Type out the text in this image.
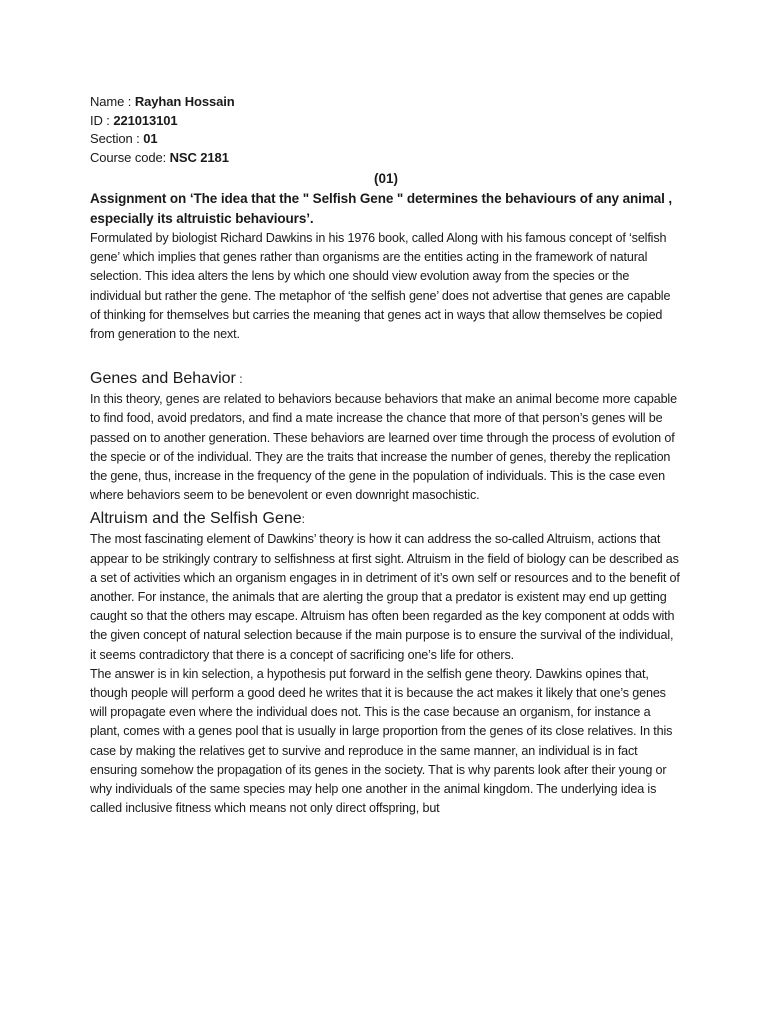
Name : Rayhan Hossain
ID : 221013101
Section : 01
Course code: NSC 2181
(01)
Assignment on ‘The idea that the " Selfish Gene " determines the behaviours of any animal , especially its altruistic behaviours’.

Formulated by biologist Richard Dawkins in his 1976 book, called Along with his famous concept of ‘selfish gene’ which implies that genes rather than organisms are the entities acting in the framework of natural selection. This idea alters the lens by which one should view evolution away from the species or the individual but rather the gene. The metaphor of ‘the selfish gene’ does not advertise that genes are capable of thinking for themselves but carries the meaning that genes act in ways that allow themselves be copied from generation to the next.

Genes and Behavior :

In this theory, genes are related to behaviors because behaviors that make an animal become more capable to find food, avoid predators, and find a mate increase the chance that more of that person’s genes will be passed on to another generation. These behaviors are learned over time through the process of evolution of the specie or of the individual. They are the traits that increase the number of genes, thereby the replication the gene, thus, increase in the frequency of the gene in the population of individuals. This is the case even where behaviors seem to be benevolent or even downright masochistic.

Altruism and the Selfish Gene:

The most fascinating element of Dawkins’ theory is how it can address the so-called Altruism, actions that appear to be strikingly contrary to selfishness at first sight. Altruism in the field of biology can be described as a set of activities which an organism engages in in detriment of it’s own self or resources and to the benefit of another. For instance, the animals that are alerting the group that a predator is existent may end up getting caught so that the others may escape. Altruism has often been regarded as the key component at odds with the given concept of natural selection because if the main purpose is to ensure the survival of the individual, it seems contradictory that there is a concept of sacrificing one’s life for others.

The answer is in kin selection, a hypothesis put forward in the selfish gene theory. Dawkins opines that, though people will perform a good deed he writes that it is because the act makes it likely that one’s genes will propagate even where the individual does not. This is the case because an organism, for instance a plant, comes with a genes pool that is usually in large proportion from the genes of its close relatives. In this case by making the relatives get to survive and reproduce in the same manner, an individual is in fact ensuring somehow the propagation of its genes in the society. That is why parents look after their young or why individuals of the same species may help one another in the animal kingdom. The underlying idea is called inclusive fitness which means not only direct offspring, but
